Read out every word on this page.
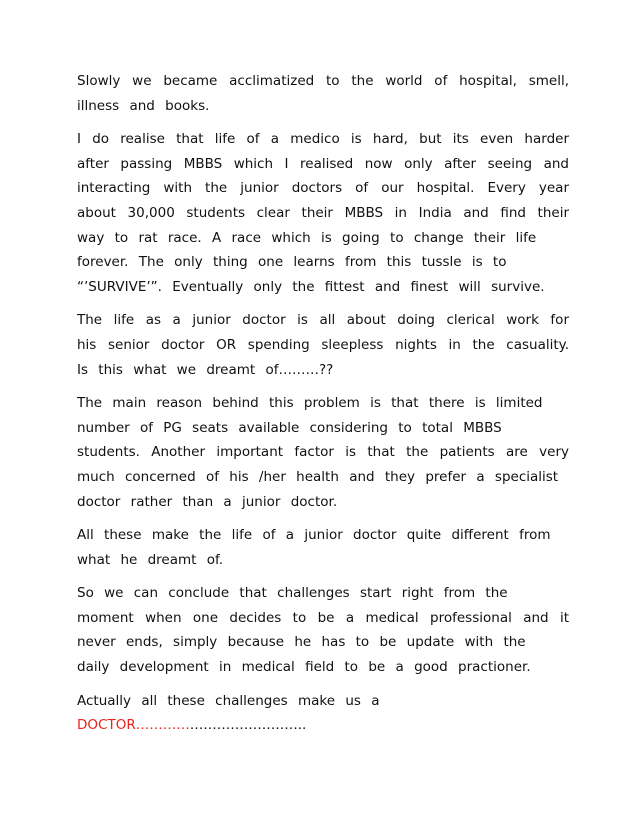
Slowly we became acclimatized to the world of hospital, smell,
illness and books.

I do realise that life of a medico is hard, but its even harder
after passing MBBS which I realised now only after seeing and
interacting with the junior doctors of our hospital. Every year
about 30,000 students clear their MBBS in India and find their
way to rat race. A race which is going to change their life
forever. The only thing one learns from this tussle is to
“’SURVIVE’”. Eventually only the fittest and finest will survive.

The life as a junior doctor is all about doing clerical work for
his senior doctor OR spending sleepless nights in the casuality.
Is this what we dreamt of………??

The main reason behind this problem is that there is limited
number of PG seats available considering to total MBBS
students. Another important factor is that the patients are very
much concerned of his /her health and they prefer a specialist
doctor rather than a junior doctor.

All these make the life of a junior doctor quite different from
what he dreamt of.

So we can conclude that challenges start right from the
moment when one decides to be a medical professional and it
never ends, simply because he has to be update with the
daily development in medical field to be a good practioner.

Actually all these challenges make us a
DOCTOR………………………………..
